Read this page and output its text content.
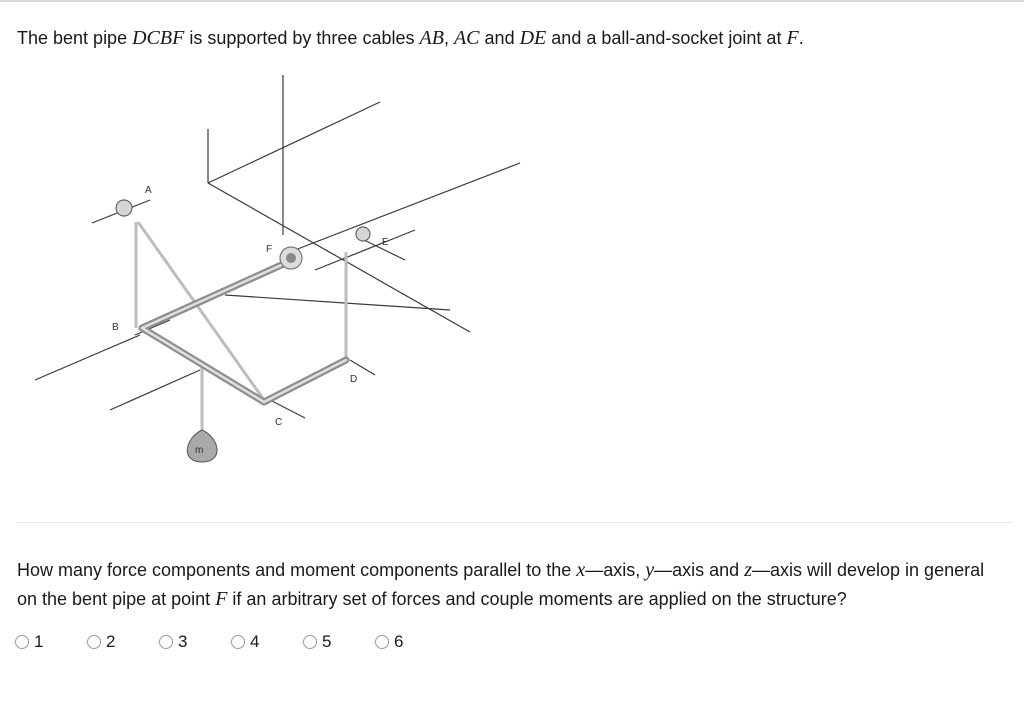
The bent pipe DCBF is supported by three cables AB, AC and DE and a ball-and-socket joint at F.
A
B
C
D
E
F
m
How many force components and moment components parallel to the x—axis, y—axis and z—axis will develop in general on the bent pipe at point F if an arbitrary set of forces and couple moments are applied on the structure?
1	2	3	4	5	6
